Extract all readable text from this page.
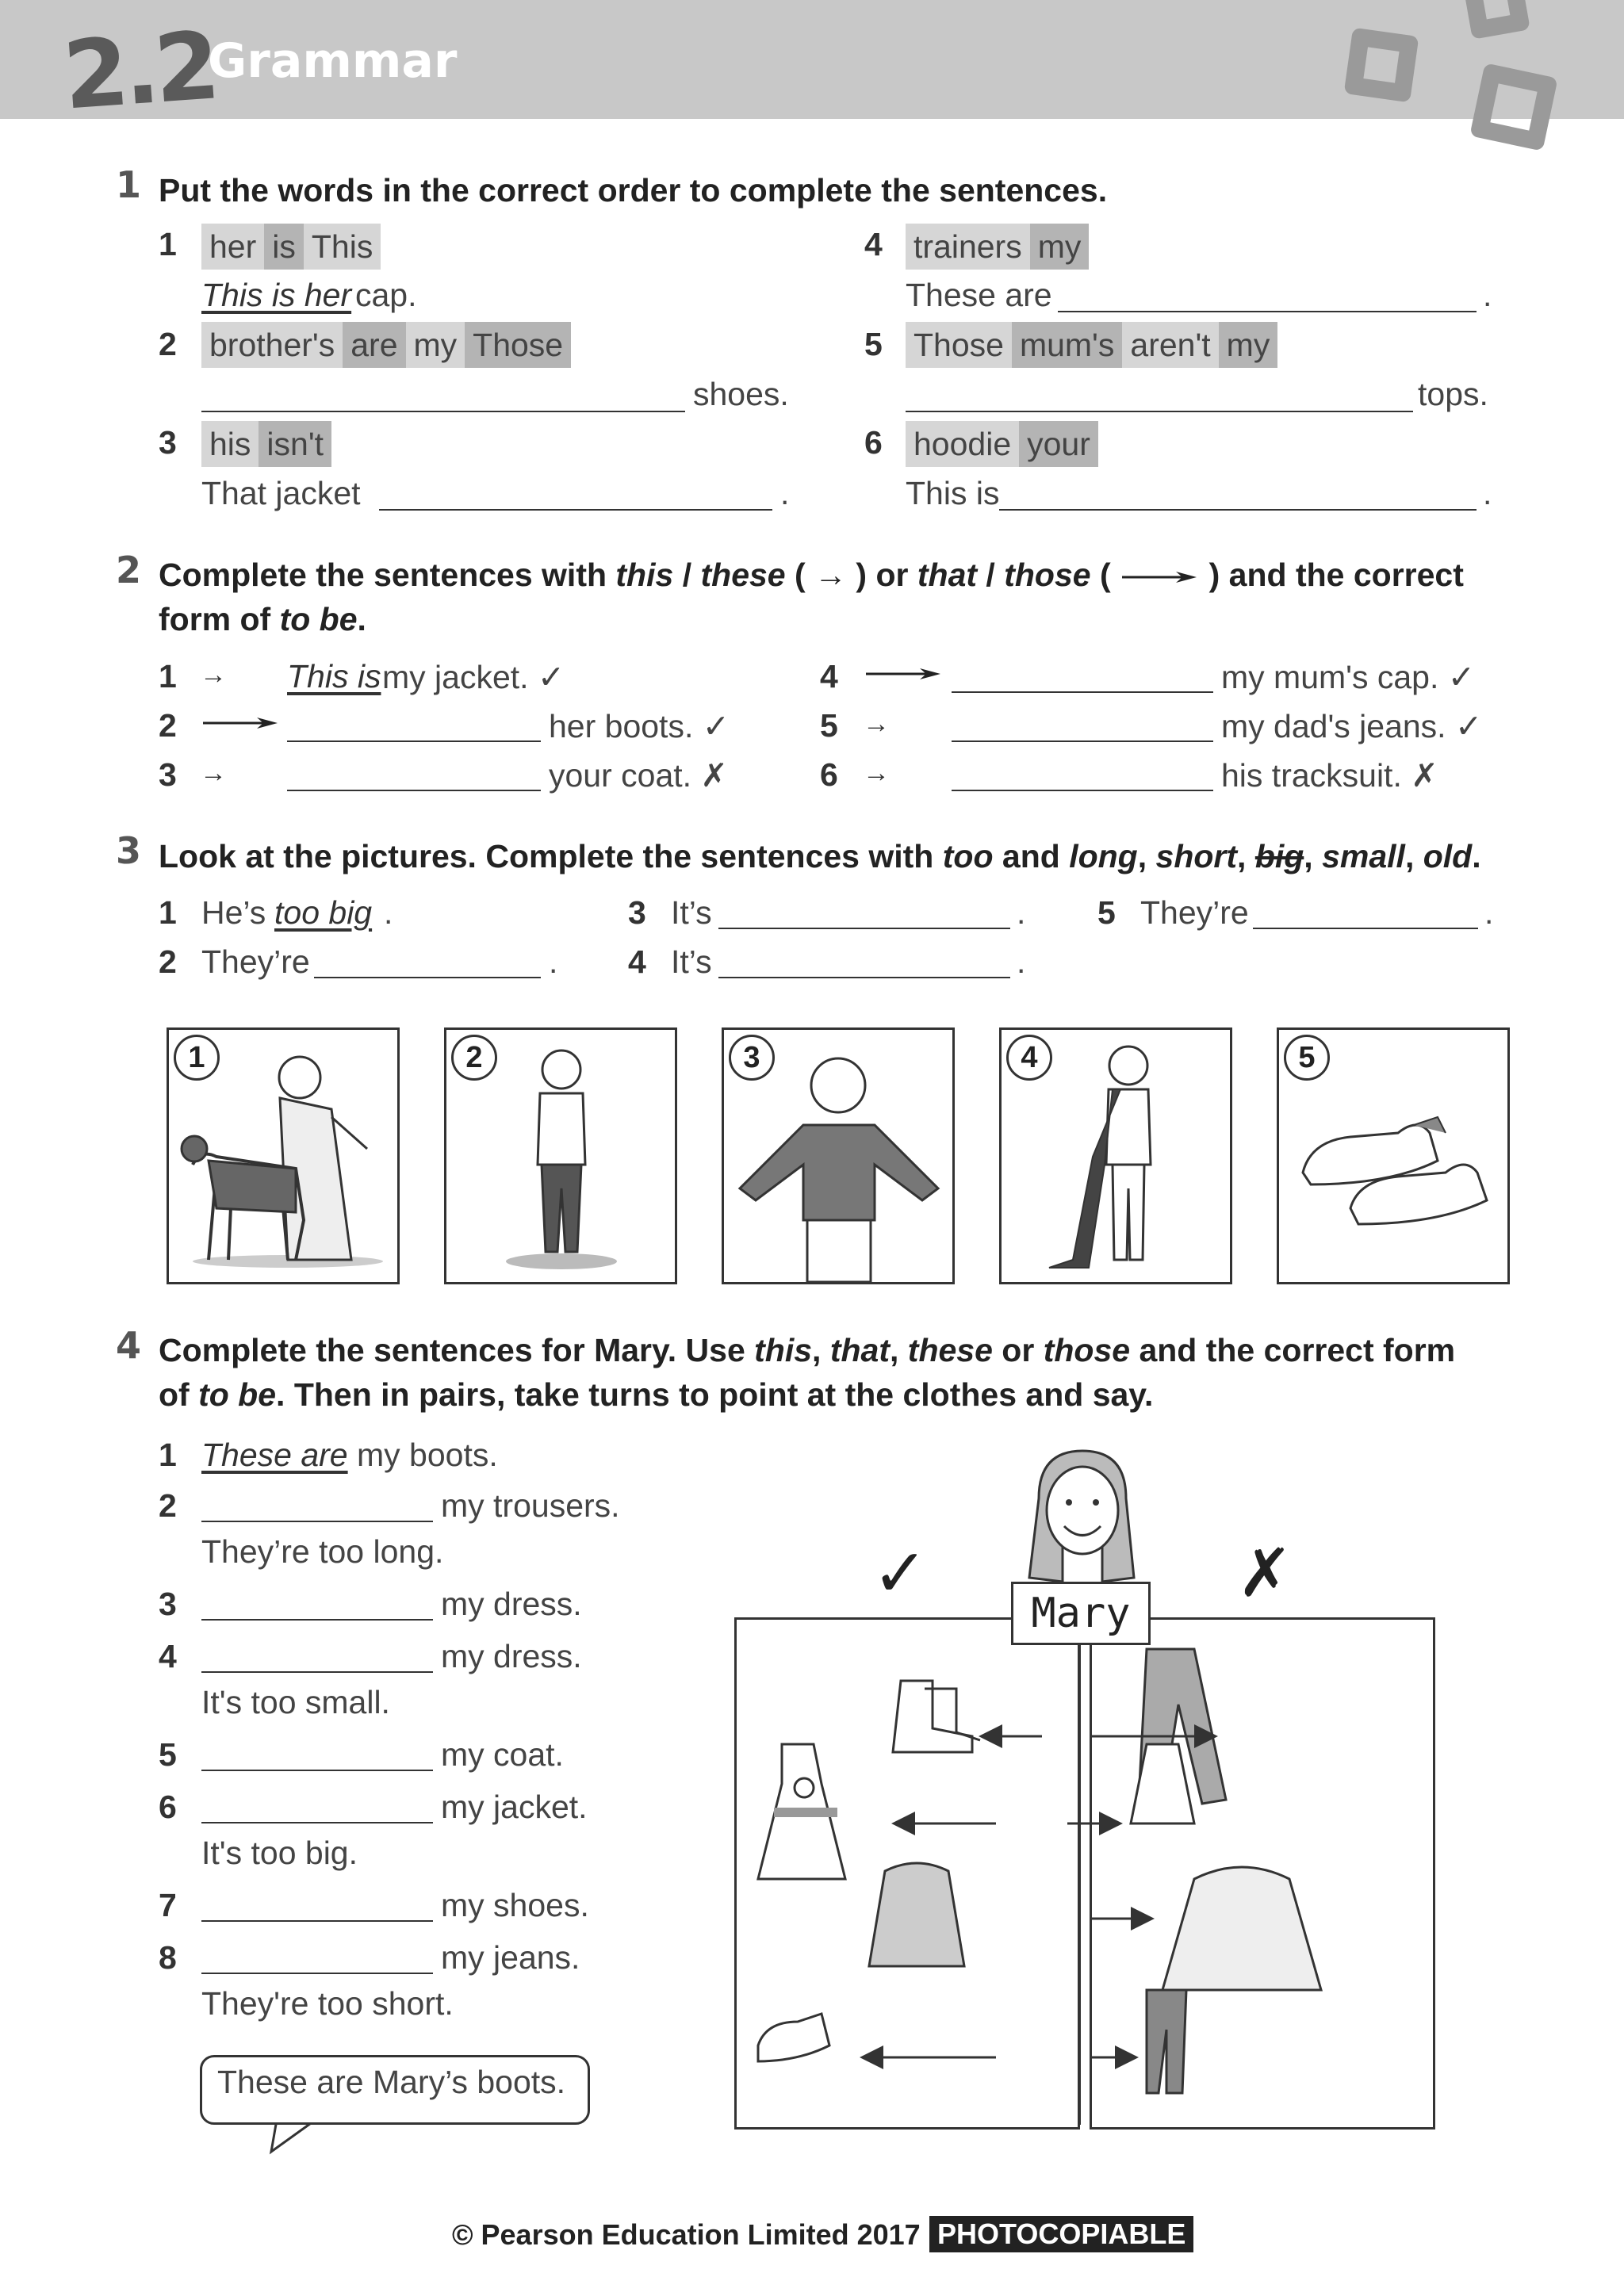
2.2
Grammar
1 Put the words in the correct order to complete the sentences.
1 her is This
This is her cap.
2 brother's are my Those
shoes.
3 his isn't
That jacket	.
4 trainers my
These are	.
5 Those mum's aren't my
tops.
6 hoodie your
This is	.
2 Complete the sentences with this / these ( → ) or that / those (	) and the correct
form of to be.
1 → This is my jacket. ✓
2	her boots. ✓
3 →	your coat. ✗
4	my mum's cap. ✓
5 →	my dad's jeans. ✓
6 →	his tracksuit. ✗
3 Look at the pictures. Complete the sentences with too and long, short, big, small, old.
1 He’s too big .
2 They’re	.
3 It’s	.
4 It’s	.
5 They’re	.
1	2	3	4	5
4 Complete the sentences for Mary. Use this, that, these or those and the correct form
of to be. Then in pairs, take turns to point at the clothes and say.
1 These are my boots.
2	my trousers.
They’re too long.
3	my dress.
4	my dress.
It's too small.
5	my coat.
6	my jacket.
It's too big.
7	my shoes.
8	my jeans.
They're too short.
These are Mary’s boots.
✓	✗
Mary
© Pearson Education Limited 2017 PHOTOCOPIABLE
